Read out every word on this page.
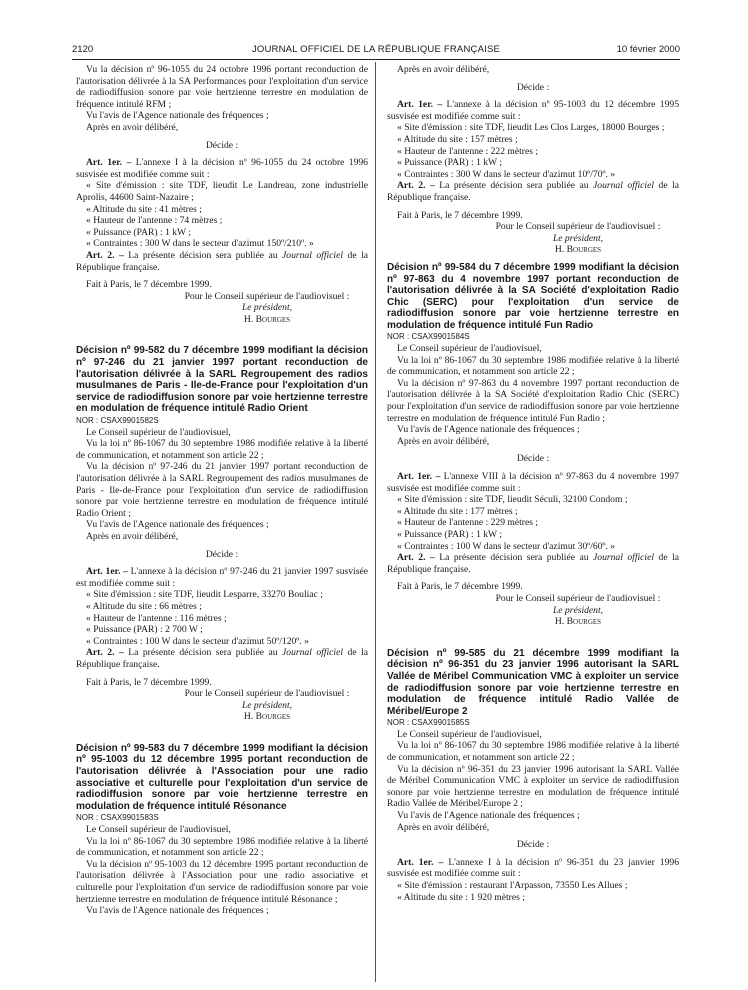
2120	JOURNAL OFFICIEL DE LA RÉPUBLIQUE FRANÇAISE	10 février 2000

Vu la décision nº 96-1055 du 24 octobre 1996 portant reconduction de l'autorisation délivrée à la SA Performances pour l'exploitation d'un service de radiodiffusion sonore par voie hertzienne terrestre en modulation de fréquence intitulé RFM ;

Vu l'avis de l'Agence nationale des fréquences ;

Après en avoir délibéré,

Décide :

Art. 1er. – L'annexe I à la décision nº 96-1055 du 24 octobre 1996 susvisée est modifiée comme suit :

« Site d'émission : site TDF, lieudit Le Landreau, zone industrielle Aprolis, 44600 Saint-Nazaire ;

« Altitude du site : 41 mètres ;

« Hauteur de l'antenne : 74 mètres ;

« Puissance (PAR) : 1 kW ;

« Contraintes : 300 W dans le secteur d'azimut 150º/210º. »

Art. 2. – La présente décision sera publiée au Journal officiel de la République française.

Fait à Paris, le 7 décembre 1999.

Pour le Conseil supérieur de l'audiovisuel :

Le président,

H. Bourges

Décision nº 99-582 du 7 décembre 1999 modifiant la décision nº 97-246 du 21 janvier 1997 portant reconduction de l'autorisation délivrée à la SARL Regroupement des radios musulmanes de Paris - Ile-de-France pour l'exploitation d'un service de radiodiffusion sonore par voie hertzienne terrestre en modulation de fréquence intitulé Radio Orient

NOR : CSAX9901582S

Le Conseil supérieur de l'audiovisuel,

Vu la loi nº 86-1067 du 30 septembre 1986 modifiée relative à la liberté de communication, et notamment son article 22 ;

Vu la décision nº 97-246 du 21 janvier 1997 portant reconduction de l'autorisation délivrée à la SARL Regroupement des radios musulmanes de Paris - Ile-de-France pour l'exploitation d'un service de radiodiffusion sonore par voie hertzienne terrestre en modulation de fréquence intitulé Radio Orient ;

Vu l'avis de l'Agence nationale des fréquences ;

Après en avoir délibéré,

Décide :

Art. 1er. – L'annexe à la décision nº 97-246 du 21 janvier 1997 susvisée est modifiée comme suit :

« Site d'émission : site TDF, lieudit Lesparre, 33270 Bouliac ;

« Altitude du site : 66 mètres ;

« Hauteur de l'antenne : 116 mètres ;

« Puissance (PAR) : 2 700 W ;

« Contraintes : 100 W dans le secteur d'azimut 50º/120º. »

Art. 2. – La présente décision sera publiée au Journal officiel de la République française.

Fait à Paris, le 7 décembre 1999.

Pour le Conseil supérieur de l'audiovisuel :

Le président,

H. Bourges

Décision nº 99-583 du 7 décembre 1999 modifiant la décision nº 95-1003 du 12 décembre 1995 portant reconduction de l'autorisation délivrée à l'Association pour une radio associative et culturelle pour l'exploitation d'un service de radiodiffusion sonore par voie hertzienne terrestre en modulation de fréquence intitulé Résonance

NOR : CSAX9901583S

Le Conseil supérieur de l'audiovisuel,

Vu la loi nº 86-1067 du 30 septembre 1986 modifiée relative à la liberté de communication, et notamment son article 22 ;

Vu la décision nº 95-1003 du 12 décembre 1995 portant reconduction de l'autorisation délivrée à l'Association pour une radio associative et culturelle pour l'exploitation d'un service de radiodiffusion sonore par voie hertzienne terrestre en modulation de fréquence intitulé Résonance ;

Vu l'avis de l'Agence nationale des fréquences ;

Après en avoir délibéré,

Décide :

Art. 1er. – L'annexe à la décision nº 95-1003 du 12 décembre 1995 susvisée est modifiée comme suit :

« Site d'émission : site TDF, lieudit Les Clos Larges, 18000 Bourges ;

« Altitude du site : 157 mètres ;

« Hauteur de l'antenne : 222 mètres ;

« Puissance (PAR) : 1 kW ;

« Contraintes : 300 W dans le secteur d'azimut 10º/70º. »

Art. 2. – La présente décision sera publiée au Journal officiel de la République française.

Fait à Paris, le 7 décembre 1999.

Pour le Conseil supérieur de l'audiovisuel :

Le président,

H. Bourges

Décision nº 99-584 du 7 décembre 1999 modifiant la décision nº 97-863 du 4 novembre 1997 portant reconduction de l'autorisation délivrée à la SA Société d'exploitation Radio Chic (SERC) pour l'exploitation d'un service de radiodiffusion sonore par voie hertzienne terrestre en modulation de fréquence intitulé Fun Radio

NOR : CSAX9901584S

Le Conseil supérieur de l'audiovisuel,

Vu la loi nº 86-1067 du 30 septembre 1986 modifiée relative à la liberté de communication, et notamment son article 22 ;

Vu la décision nº 97-863 du 4 novembre 1997 portant reconduction de l'autorisation délivrée à la SA Société d'exploitation Radio Chic (SERC) pour l'exploitation d'un service de radiodiffusion sonore par voie hertzienne terrestre en modulation de fréquence intitulé Fun Radio ;

Vu l'avis de l'Agence nationale des fréquences ;

Après en avoir délibéré,

Décide :

Art. 1er. – L'annexe VIII à la décision nº 97-863 du 4 novembre 1997 susvisée est modifiée comme suit :

« Site d'émission : site TDF, lieudit Séculi, 32100 Condom ;

« Altitude du site : 177 mètres ;

« Hauteur de l'antenne : 229 mètres ;

« Puissance (PAR) : 1 kW ;

« Contraintes : 100 W dans le secteur d'azimut 30º/60º. »

Art. 2. – La présente décision sera publiée au Journal officiel de la République française.

Fait à Paris, le 7 décembre 1999.

Pour le Conseil supérieur de l'audiovisuel :

Le président,

H. Bourges

Décision nº 99-585 du 21 décembre 1999 modifiant la décision nº 96-351 du 23 janvier 1996 autorisant la SARL Vallée de Méribel Communication VMC à exploiter un service de radiodiffusion sonore par voie hertzienne terrestre en modulation de fréquence intitulé Radio Vallée de Méribel/Europe 2

NOR : CSAX9901585S

Le Conseil supérieur de l'audiovisuel,

Vu la loi nº 86-1067 du 30 septembre 1986 modifiée relative à la liberté de communication, et notamment son article 22 ;

Vu la décision nº 96-351 du 23 janvier 1996 autorisant la SARL Vallée de Méribel Communication VMC à exploiter un service de radiodiffusion sonore par voie hertzienne terrestre en modulation de fréquence intitulé Radio Vallée de Méribel/Europe 2 ;

Vu l'avis de l'Agence nationale des fréquences ;

Après en avoir délibéré,

Décide :

Art. 1er. – L'annexe I à la décision nº 96-351 du 23 janvier 1996 susvisée est modifiée comme suit :

« Site d'émission : restaurant l'Arpasson, 73550 Les Allues ;

« Altitude du site : 1 920 mètres ;
